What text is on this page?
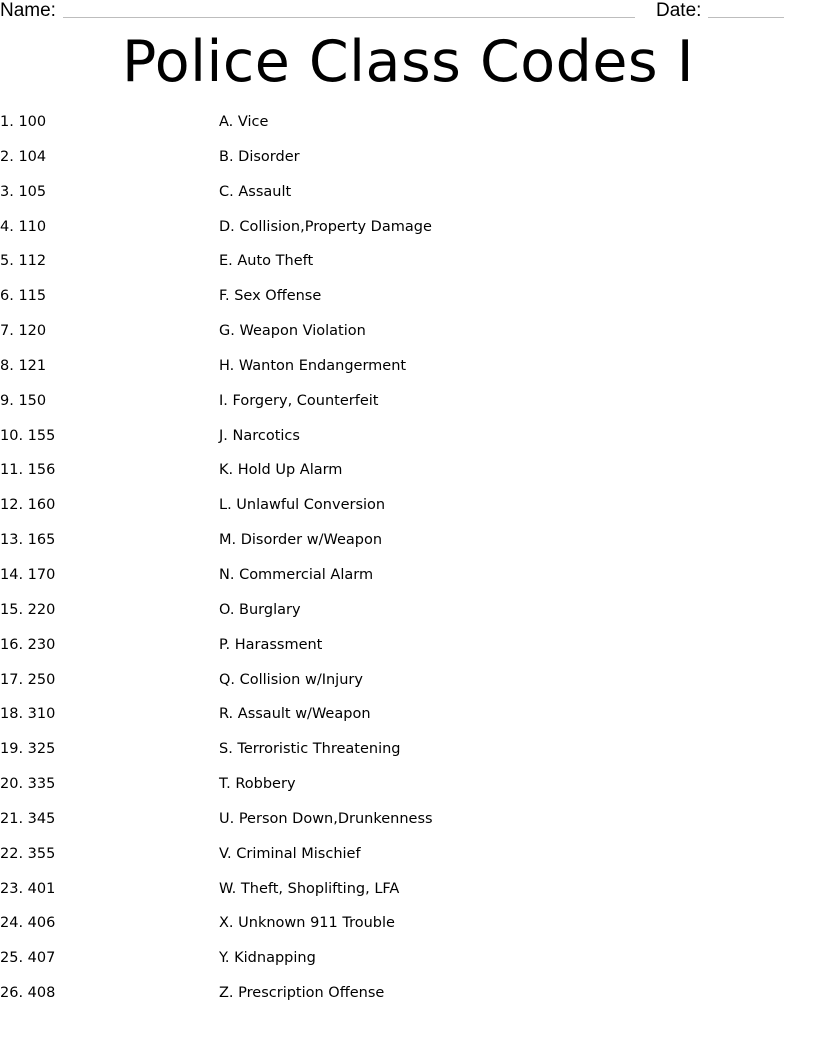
Name:	Date:
Police Class Codes I
1. 100	A. Vice
2. 104	B. Disorder
3. 105	C. Assault
4. 110	D. Collision,Property Damage
5. 112	E. Auto Theft
6. 115	F. Sex Offense
7. 120	G. Weapon Violation
8. 121	H. Wanton Endangerment
9. 150	I. Forgery, Counterfeit
10. 155	J. Narcotics
11. 156	K. Hold Up Alarm
12. 160	L. Unlawful Conversion
13. 165	M. Disorder w/Weapon
14. 170	N. Commercial Alarm
15. 220	O. Burglary
16. 230	P. Harassment
17. 250	Q. Collision w/Injury
18. 310	R. Assault w/Weapon
19. 325	S. Terroristic Threatening
20. 335	T. Robbery
21. 345	U. Person Down,Drunkenness
22. 355	V. Criminal Mischief
23. 401	W. Theft, Shoplifting, LFA
24. 406	X. Unknown 911 Trouble
25. 407	Y. Kidnapping
26. 408	Z. Prescription Offense
